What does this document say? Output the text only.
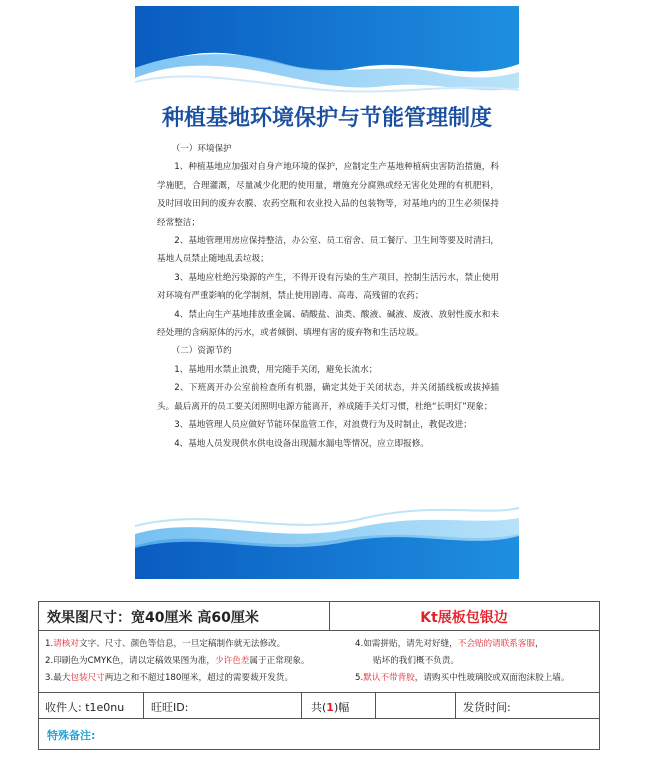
种植基地环境保护与节能管理制度

（一）环境保护

1、种植基地应加强对自身产地环境的保护，应制定生产基地种植病虫害防治措施，科学施肥，合理灌溉，尽量减少化肥的使用量，增施充分腐熟或经无害化处理的有机肥料，及时回收田间的废弃农膜、农药空瓶和农业投入品的包装物等，对基地内的卫生必须保持经常整洁；

2、基地管理用房应保持整洁，办公室、员工宿舍、员工餐厅、卫生间等要及时清扫，基地人员禁止随地乱丢垃圾；

3、基地应杜绝污染源的产生，不得开设有污染的生产项目，控制生活污水，禁止使用对环境有严重影响的化学制剂，禁止使用剧毒、高毒、高残留的农药；

4、禁止向生产基地排放重金属、硝酸盐、油类、酸液、碱液、废液、放射性废水和未经处理的含病原体的污水，或者倾倒、填埋有害的废弃物和生活垃圾。

（二）资源节约

1、基地用水禁止浪费，用完随手关闭，避免长流水；

2、下班离开办公室前检查所有机器，确定其处于关闭状态，并关闭插线板或拔掉插头。最后离开的员工要关闭照明电源方能离开，养成随手关灯习惯，杜绝“长明灯”现象；

3、基地管理人员应做好节能环保监管工作，对浪费行为及时制止，教促改进；

4、基地人员发现供水供电设备出现漏水漏电等情况，应立即报修。

效果图尺寸：宽40厘米 高60厘米	Kt展板包银边
1.请核对文字、尺寸、颜色等信息，一旦定稿制作就无法修改。
2.印刷色为CMYK色，请以定稿效果图为准，少许色差属于正常现象。
3.最大包装尺寸两边之和不超过180厘米，超过的需要裁开发货。
4.如需拼贴，请先对好缝，不会贴的请联系客服，
贴坏的我们概不负责。
5.默认不带背胶，请购买中性玻璃胶或双面泡沫胶上墙。
收件人: t1e0nu 旺旺ID:	共(1)幅	发货时间:
特殊备注:
